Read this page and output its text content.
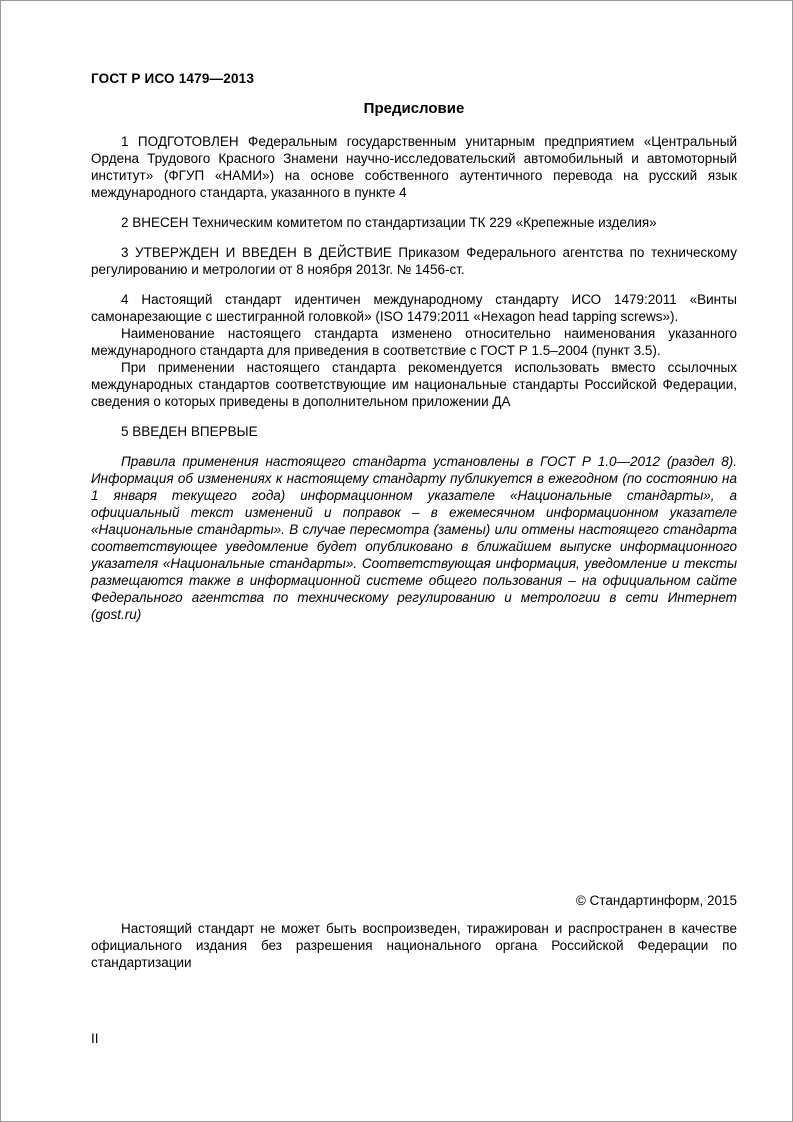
ГОСТ Р ИСО 1479—2013
Предисловие

1 ПОДГОТОВЛЕН Федеральным государственным унитарным предприятием «Центральный Ордена Трудового Красного Знамени научно-исследовательский автомобильный и автомоторный институт» (ФГУП «НАМИ») на основе собственного аутентичного перевода на русский язык международного стандарта, указанного в пункте 4

2 ВНЕСЕН Техническим комитетом по стандартизации ТК 229 «Крепежные изделия»

3 УТВЕРЖДЕН И ВВЕДЕН В ДЕЙСТВИЕ Приказом Федерального агентства по техническому регулированию и метрологии от 8 ноября 2013г. № 1456-ст.

4 Настоящий стандарт идентичен международному стандарту ИСО 1479:2011 «Винты самонарезающие с шестигранной головкой» (ISO 1479:2011 «Hexagon head tapping screws»).

Наименование настоящего стандарта изменено относительно наименования указанного международного стандарта для приведения в соответствие с ГОСТ Р 1.5–2004 (пункт 3.5).

При применении настоящего стандарта рекомендуется использовать вместо ссылочных международных стандартов соответствующие им национальные стандарты Российской Федерации, сведения о которых приведены в дополнительном приложении ДА

5 ВВЕДЕН ВПЕРВЫЕ

Правила применения настоящего стандарта установлены в ГОСТ Р 1.0—2012 (раздел 8). Информация об изменениях к настоящему стандарту публикуется в ежегодном (по состоянию на 1 января текущего года) информационном указателе «Национальные стандарты», а официальный текст изменений и поправок – в ежемесячном информационном указателе «Национальные стандарты». В случае пересмотра (замены) или отмены настоящего стандарта соответствующее уведомление будет опубликовано в ближайшем выпуске информационного указателя «Национальные стандарты». Соответствующая информация, уведомление и тексты размещаются также в информационной системе общего пользования – на официальном сайте Федерального агентства по техническому регулированию и метрологии в сети Интернет (gost.ru)

© Стандартинформ, 2015

Настоящий стандарт не может быть воспроизведен, тиражирован и распространен в качестве официального издания без разрешения национального органа Российской Федерации по стандартизации

II
